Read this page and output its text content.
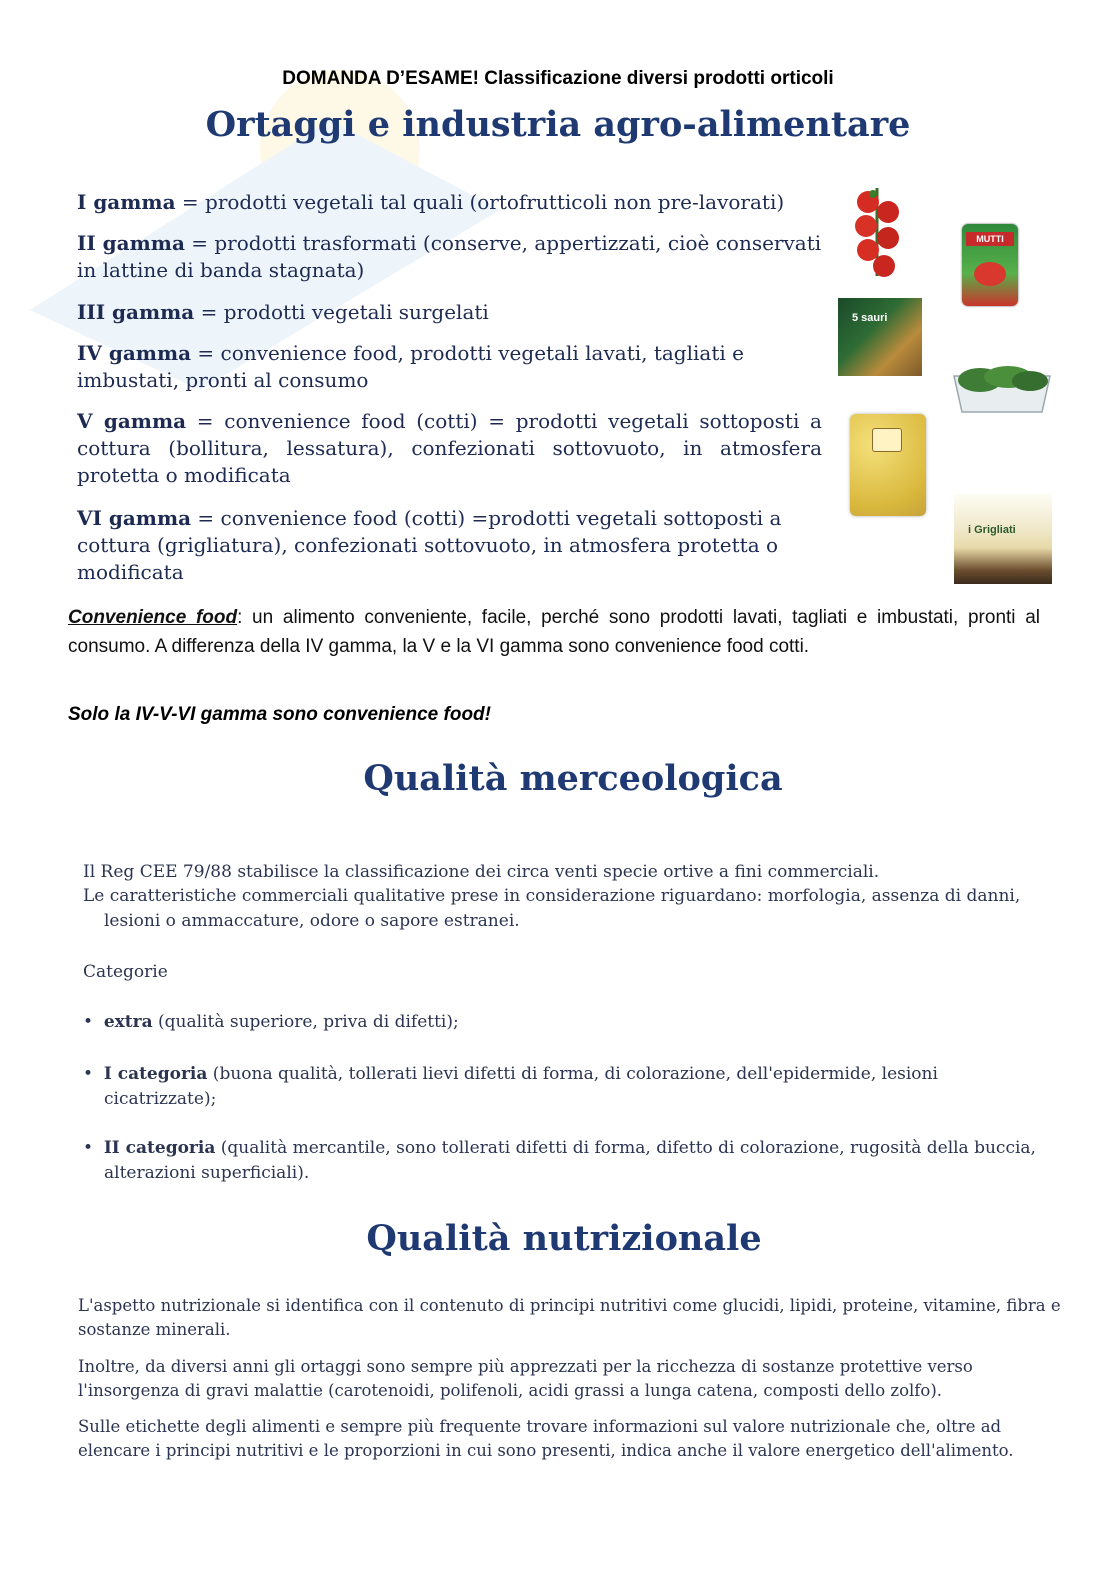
DOMANDA D’ESAME! Classificazione diversi prodotti orticoli
Ortaggi e industria agro-alimentare
I gamma = prodotti vegetali tal quali (ortofrutticoli non pre-lavorati)
II gamma = prodotti trasformati (conserve, appertizzati, cioè conservati in lattine di banda stagnata)
III gamma = prodotti vegetali surgelati
IV gamma = convenience food, prodotti vegetali lavati, tagliati e imbustati, pronti al consumo
V gamma = convenience food (cotti) = prodotti vegetali sottoposti a cottura (bollitura, lessatura), confezionati sottovuoto, in atmosfera protetta o modificata
VI gamma = convenience food (cotti) =prodotti vegetali sottoposti a cottura (grigliatura), confezionati sottovuoto, in atmosfera protetta o modificata
MUTTI
5 sauri
i Grigliati
Convenience food: un alimento conveniente, facile, perché sono prodotti lavati, tagliati e imbustati, pronti al consumo. A differenza della IV gamma, la V e la VI gamma sono convenience food cotti.
Solo la IV-V-VI gamma sono convenience food!
Qualità merceologica
Il Reg CEE 79/88 stabilisce la classificazione dei circa venti specie ortive a fini commerciali.
Le caratteristiche commerciali qualitative prese in considerazione riguardano: morfologia, assenza di danni, lesioni o ammaccature, odore o sapore estranei.
Categorie
•  extra (qualità superiore, priva di difetti);
•  I categoria (buona qualità, tollerati lievi difetti di forma, di colorazione, dell'epidermide, lesioni cicatrizzate);
•  II categoria (qualità mercantile, sono tollerati difetti di forma, difetto di colorazione, rugosità della buccia, alterazioni superficiali).
Qualità nutrizionale
L'aspetto nutrizionale si identifica con il contenuto di principi nutritivi come glucidi, lipidi, proteine, vitamine, fibra e sostanze minerali.
Inoltre, da diversi anni gli ortaggi sono sempre più apprezzati per la ricchezza di sostanze protettive verso l'insorgenza di gravi malattie (carotenoidi, polifenoli, acidi grassi a lunga catena, composti dello zolfo).
Sulle etichette degli alimenti e sempre più frequente trovare informazioni sul valore nutrizionale che, oltre ad elencare i principi nutritivi e le proporzioni in cui sono presenti, indica anche il valore energetico dell'alimento.
